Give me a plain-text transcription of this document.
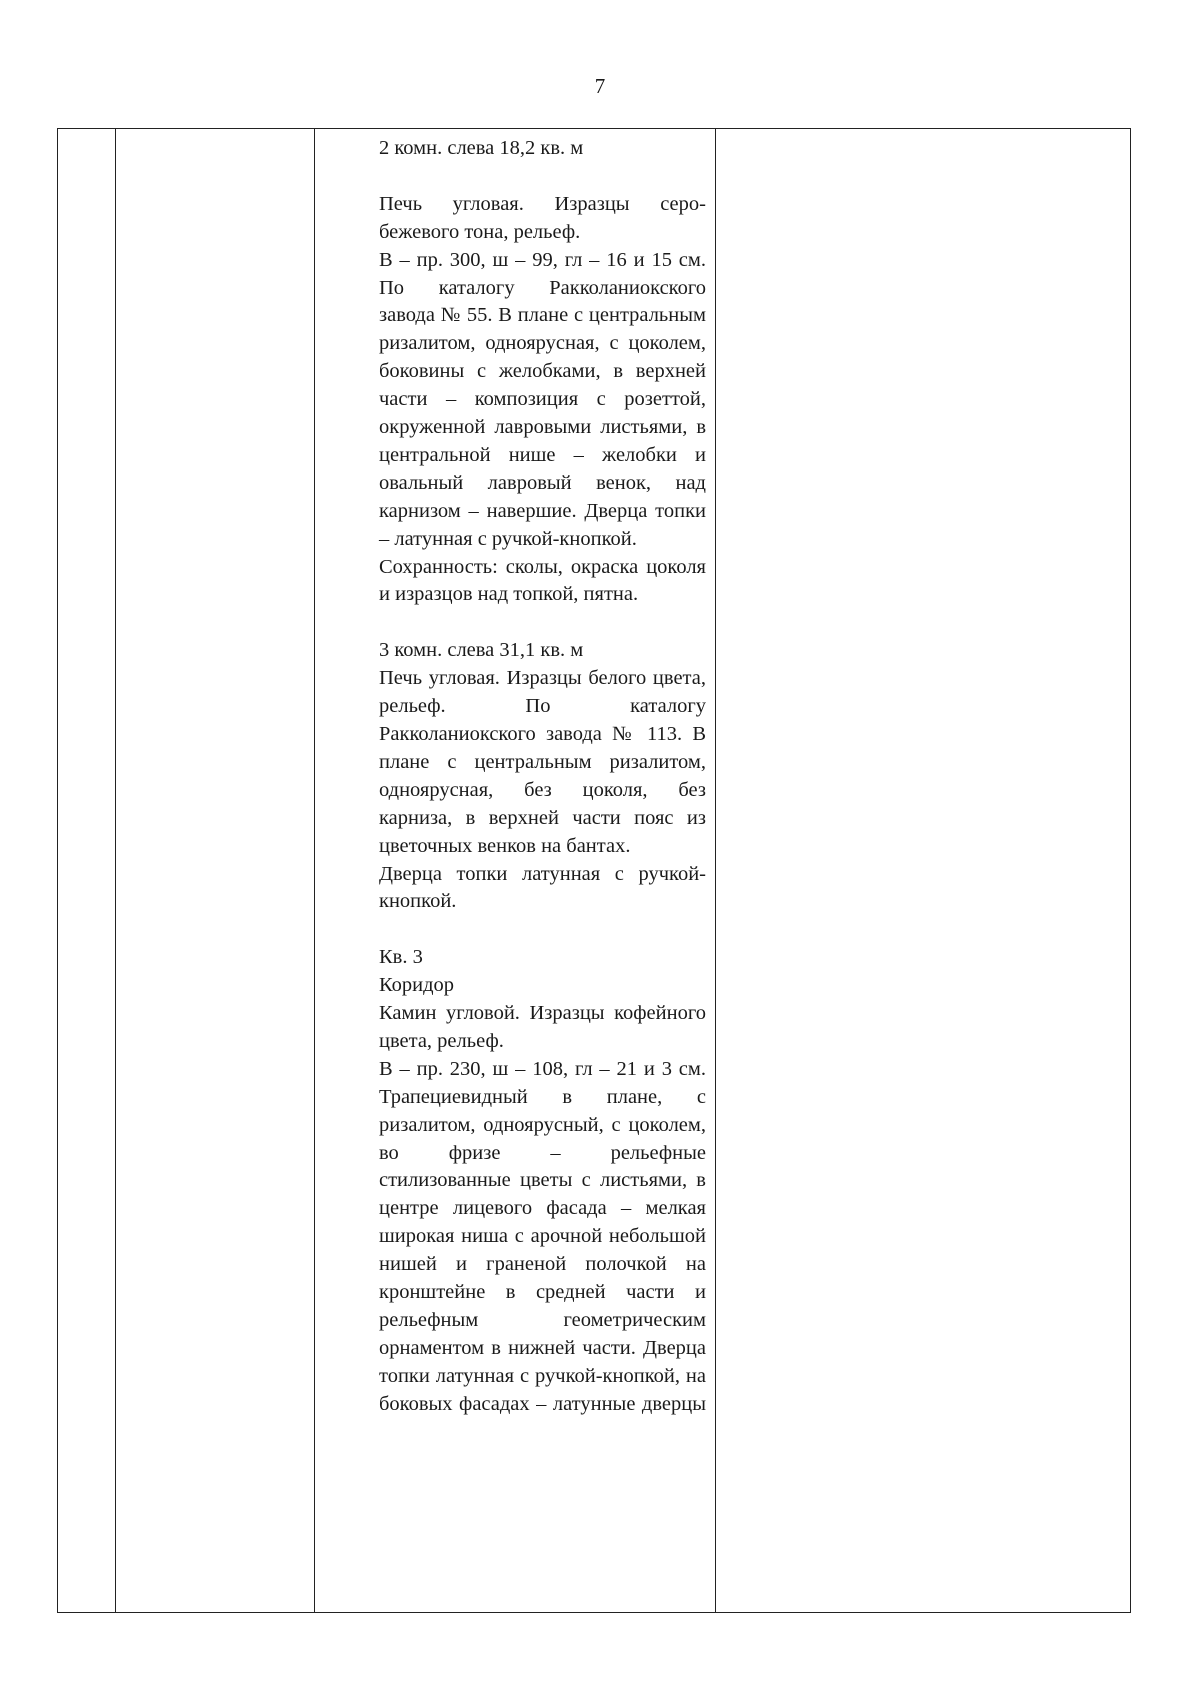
7

2 комн. слева 18,2 кв. м

Печь угловая. Изразцы серо-бежевого тона, рельеф.

В – пр. 300, ш – 99, гл – 16 и 15 см. По каталогу Ракколаниокского завода № 55. В плане с центральным ризалитом, одноярусная, с цоколем, боковины с желобками, в верхней части – композиция с розеттой, окруженной лавровыми листьями, в центральной нише – желобки и овальный лавровый венок, над карнизом – навершие. Дверца топки – латунная с ручкой-кнопкой.

Сохранность: сколы, окраска цоколя и изразцов над топкой, пятна.

3 комн. слева 31,1 кв. м

Печь угловая. Изразцы белого цвета, рельеф. По каталогу Ракколаниокского завода № 113. В плане с центральным ризалитом, одноярусная, без цоколя, без карниза, в верхней части пояс из цветочных венков на бантах.

Дверца топки латунная с ручкой-кнопкой.

Кв. 3

Коридор

Камин угловой. Изразцы кофейного цвета, рельеф.

В – пр. 230, ш – 108, гл – 21 и 3 см. Трапециевидный в плане, с ризалитом, одноярусный, с цоколем, во фризе – рельефные стилизованные цветы с листьями, в центре лицевого фасада – мелкая широкая ниша с арочной небольшой нишей и граненой полочкой на кронштейне в средней части и рельефным геометрическим орнаментом в нижней части. Дверца топки латунная с ручкой-кнопкой, на боковых фасадах – латунные дверцы
